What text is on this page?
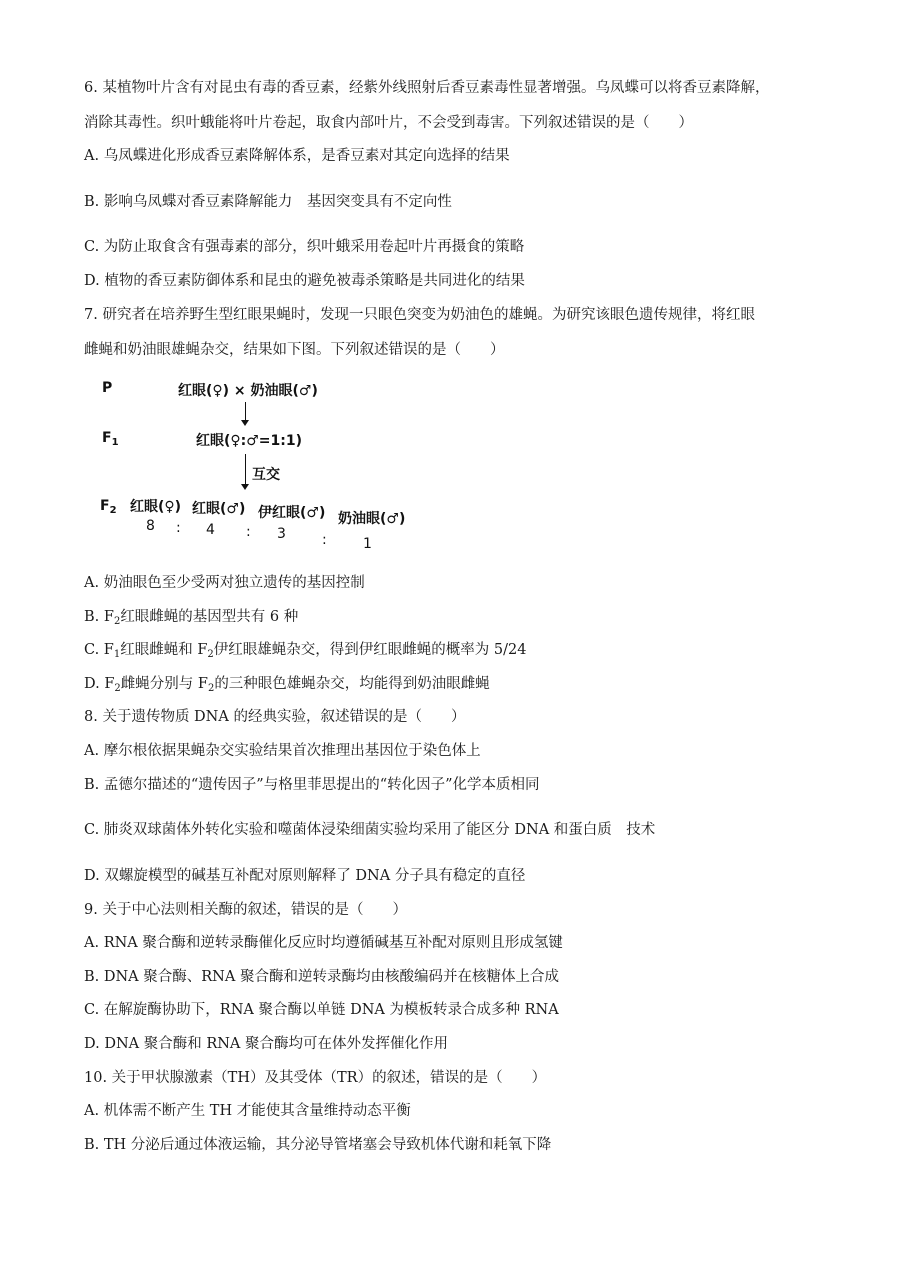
6. 某植物叶片含有对昆虫有毒的香豆素，经紫外线照射后香豆素毒性显著增强。乌凤蝶可以将香豆素降解，
消除其毒性。织叶蛾能将叶片卷起，取食内部叶片，不会受到毒害。下列叙述错误的是（　　）
A. 乌凤蝶进化形成香豆素降解体系，是香豆素对其定向选择的结果
B. 影响乌凤蝶对香豆素降解能力　基因突变具有不定向性
C. 为防止取食含有强毒素的部分，织叶蛾采用卷起叶片再摄食的策略
D. 植物的香豆素防御体系和昆虫的避免被毒杀策略是共同进化的结果
7. 研究者在培养野生型红眼果蝇时，发现一只眼色突变为奶油色的雄蝇。为研究该眼色遗传规律，将红眼
雌蝇和奶油眼雄蝇杂交，结果如下图。下列叙述错误的是（　　）
P	红眼(♀) × 奶油眼(♂)
$F_1$	红眼(♀:♂=1:1)
互交
$F_2$ 红眼(♀) 红眼(♂) 伊红眼(♂) 奶油眼(♂)
8 : 4 : 3	:	1
A. 奶油眼色至少受两对独立遗传的基因控制
B. $F_2$红眼雌蝇的基因型共有 6 种
C. $F_1$红眼雌蝇和 $F_2$伊红眼雄蝇杂交，得到伊红眼雌蝇的概率为 5/24
D. $F_2$雌蝇分别与 $F_2$的三种眼色雄蝇杂交，均能得到奶油眼雌蝇
8. 关于遗传物质 DNA 的经典实验，叙述错误的是（　　）
A. 摩尔根依据果蝇杂交实验结果首次推理出基因位于染色体上
B. 孟德尔描述的“遗传因子”与格里菲思提出的“转化因子”化学本质相同
C. 肺炎双球菌体外转化实验和噬菌体浸染细菌实验均采用了能区分 DNA 和蛋白质　技术
D. 双螺旋模型的碱基互补配对原则解释了 DNA 分子具有稳定的直径
9. 关于中心法则相关酶的叙述，错误的是（　　）
A. RNA 聚合酶和逆转录酶催化反应时均遵循碱基互补配对原则且形成氢键
B. DNA 聚合酶、RNA 聚合酶和逆转录酶均由核酸编码并在核糖体上合成
C. 在解旋酶协助下，RNA 聚合酶以单链 DNA 为模板转录合成多种 RNA
D. DNA 聚合酶和 RNA 聚合酶均可在体外发挥催化作用
10. 关于甲状腺激素（TH）及其受体（TR）的叙述，错误的是（　　）
A. 机体需不断产生 TH 才能使其含量维持动态平衡
B. TH 分泌后通过体液运输，其分泌导管堵塞会导致机体代谢和耗氧下降
